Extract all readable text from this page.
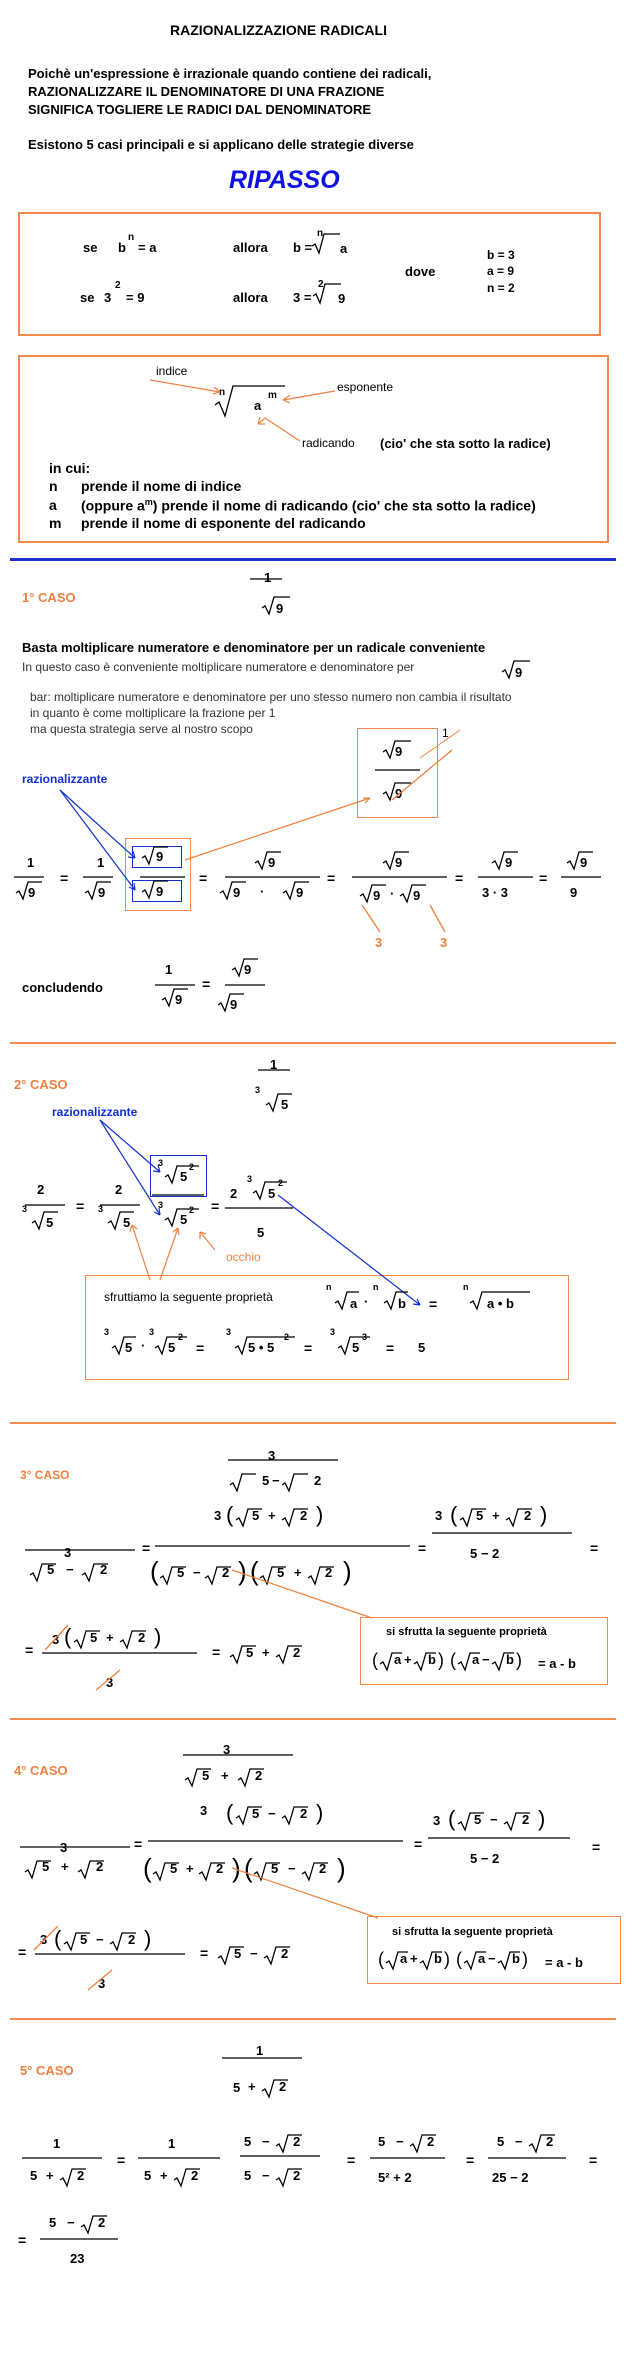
RAZIONALIZZAZIONE RADICALI
Poichè un'espressione è irrazionale quando contiene dei radicali,
RAZIONALIZZARE IL DENOMINATORE DI UNA FRAZIONE
SIGNIFICA TOGLIERE LE RADICI DAL DENOMINATORE
Esistono 5 casi principali e si applicano delle strategie diverse
RIPASSO
se b
n
= a	allora b =
n
a
se 3
2
= 9	allora 3 =
2
9
dove
b = 3
a = 9
n = 2
indice
esponente
n
a
m
radicando (cio' che sta sotto la radice)
in cui:
n prende il nome di indice
a (oppure $a^m$) prende il nome di radicando (cio' che sta sotto la radice)
m prende il nome di esponente del radicando
1° CASO
1
9
Basta moltiplicare numeratore e denominatore per un radicale conveniente
In questo caso è conveniente moltiplicare numeratore e denominatore per	9
bar: moltiplicare numeratore e denominatore per uno stesso numero non cambia il risultato
in quanto è come moltiplicare la frazione per 1
ma questa strategia serve al nostro scopo
9
9
1
razionalizzante
1
9
=
1
9
9
9
=
9
9 · 9
=
9
9 · 9
=
9
3 · 3
=
9
9
3	3
concludendo
1
9
=
9
9
2° CASO
1
3
5
razionalizzante
2
3
5
=
2
3
5
3
5
2
3
5
2 =
2
3
5
2
5
occhio
sfruttiamo la seguente proprietà
n
a ·
n
b =
n
a • b
3
5 ·
3
5
2
=
3
5 • 5
2
=
3
5
3
= 5
3° CASO
3
3
3	3
5 − 2
3
3
si sfrutta la seguente proprietà
= a - b
4° CASO
3
3
3
3
5 − 2
3
3
si sfrutta la seguente proprietà
= a - b
5° CASO
1
5
1
5
=
1
5
5
5
=
5
5² + 2
=
5
25 − 2
=
=
5
23
5 −	2
5 − 2
=
( 5 + 2 )
( 5 − 2 ) ( 5 + 2 )
=
( 5 + 2 )
=
=
( 5 + 2 )
= 5 + 2	( a + b ) ( a − b )
5 + 2
5 + 2
=
( 5 − 2 )
( 5 + 2 ) ( 5 − 2 )
=
( 5 − 2 )
=
=
( 5 − 2 )
= 5 − 2	( a + b ) ( a − b )
+ 2
+ 2	+ 2
− 2
− 2
− 2	− 2
− 2
